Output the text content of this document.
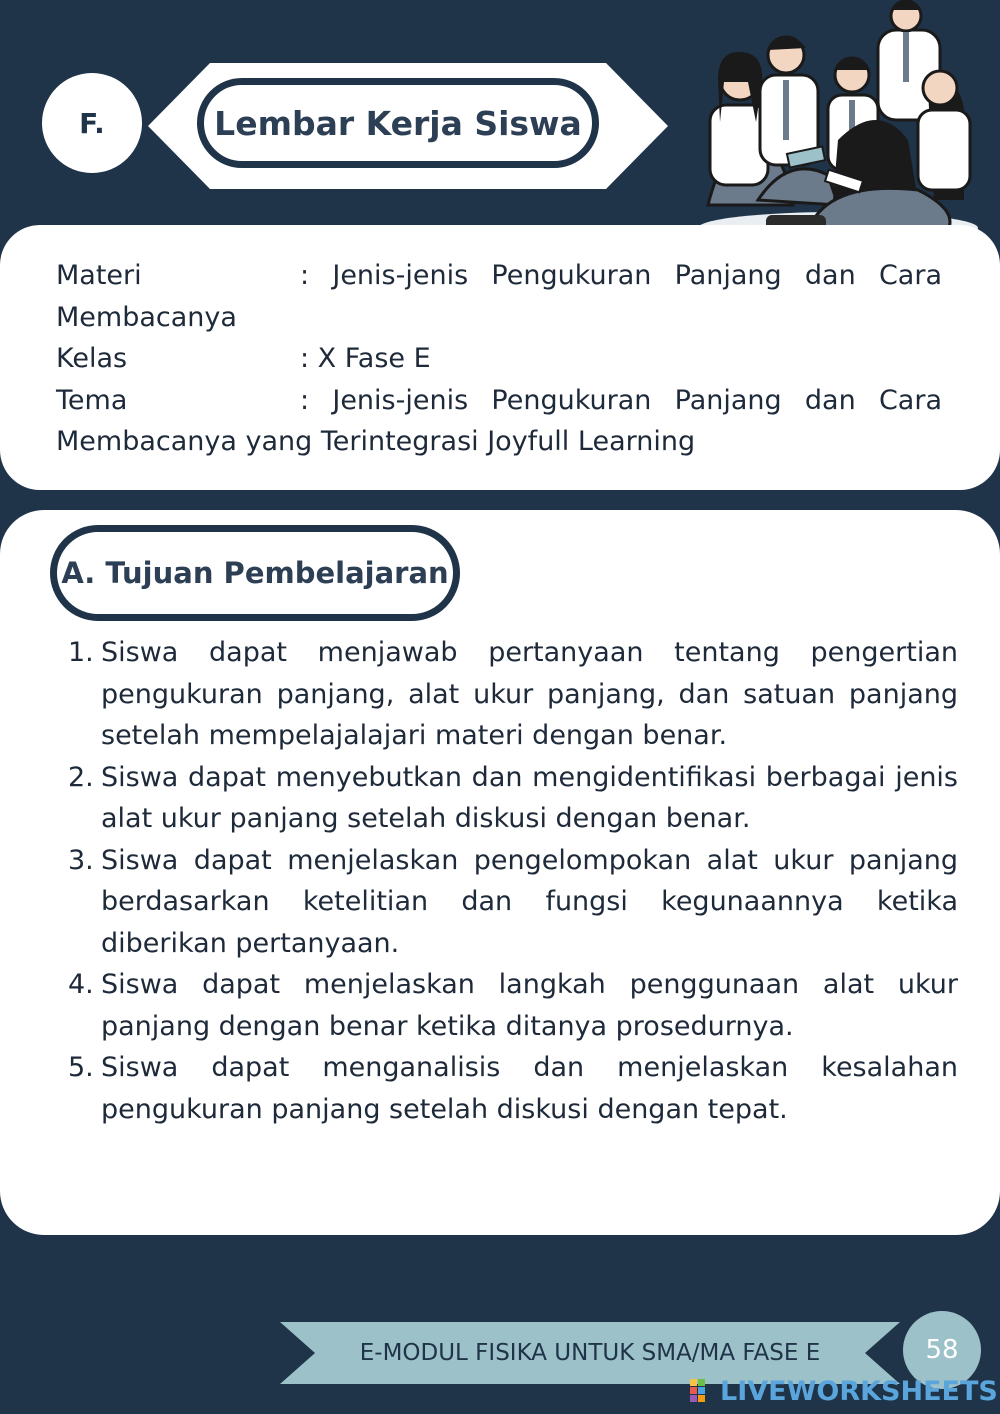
F.	Lembar Kerja Siswa
Materi	: Jenis-jenis Pengukuran Panjang dan Cara
Membacanya
Kelas	: X Fase E
Tema	: Jenis-jenis Pengukuran Panjang dan Cara
Membacanya yang Terintegrasi Joyfull Learning
A. Tujuan Pembelajaran
1. Siswa dapat menjawab pertanyaan tentang pengertian pengukuran panjang, alat ukur panjang, dan satuan panjang setelah mempelajalajari materi dengan benar.
2. Siswa dapat menyebutkan dan mengidentifikasi berbagai jenis alat ukur panjang setelah diskusi dengan benar.
3. Siswa dapat menjelaskan pengelompokan alat ukur panjang berdasarkan ketelitian dan fungsi kegunaannya ketika diberikan pertanyaan.
4. Siswa dapat menjelaskan langkah penggunaan alat ukur panjang dengan benar ketika ditanya prosedurnya.
5. Siswa dapat menganalisis dan menjelaskan kesalahan pengukuran panjang setelah diskusi dengan tepat.
E-MODUL FISIKA UNTUK SMA/MA FASE E	58
LIVEWORKSHEETS
